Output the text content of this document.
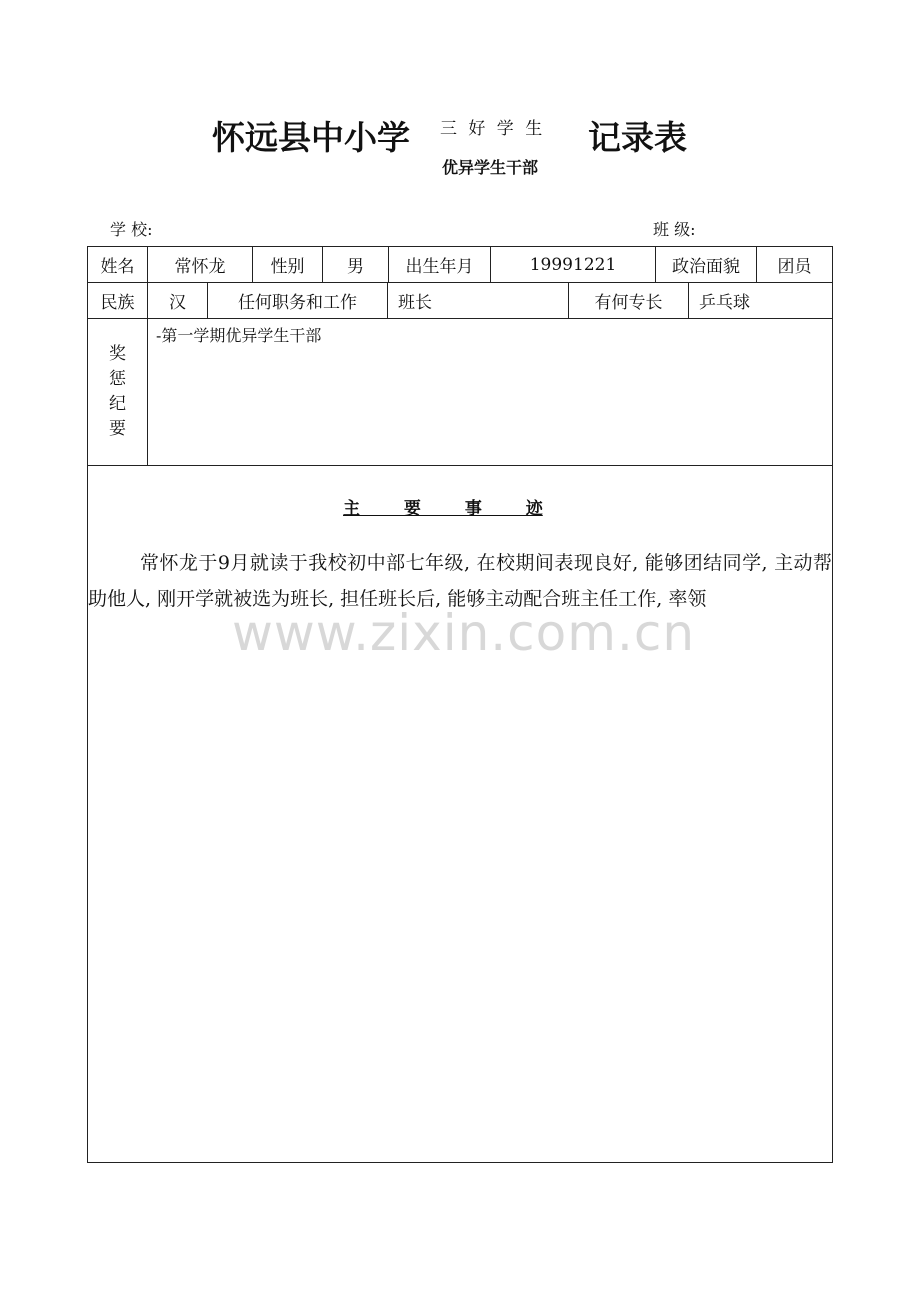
怀远县中小学 三 好 学 生
优异学生干部
记录表
学 校:	班 级:
姓名	常怀龙	性别	男	出生年月	19991221	政治面貌	团员
民族	汉	任何职务和工作	班长	有何专长	乒乓球
奖
惩
纪
要
-第一学期优异学生干部
主 要 事 迹
常怀龙于9月就读于我校初中部七年级, 在校期间表现良好, 能够团结同学, 主动帮助他人, 刚开学就被选为班长, 担任班长后, 能够主动配合班主任工作, 率领
www.zixin.com.cn
